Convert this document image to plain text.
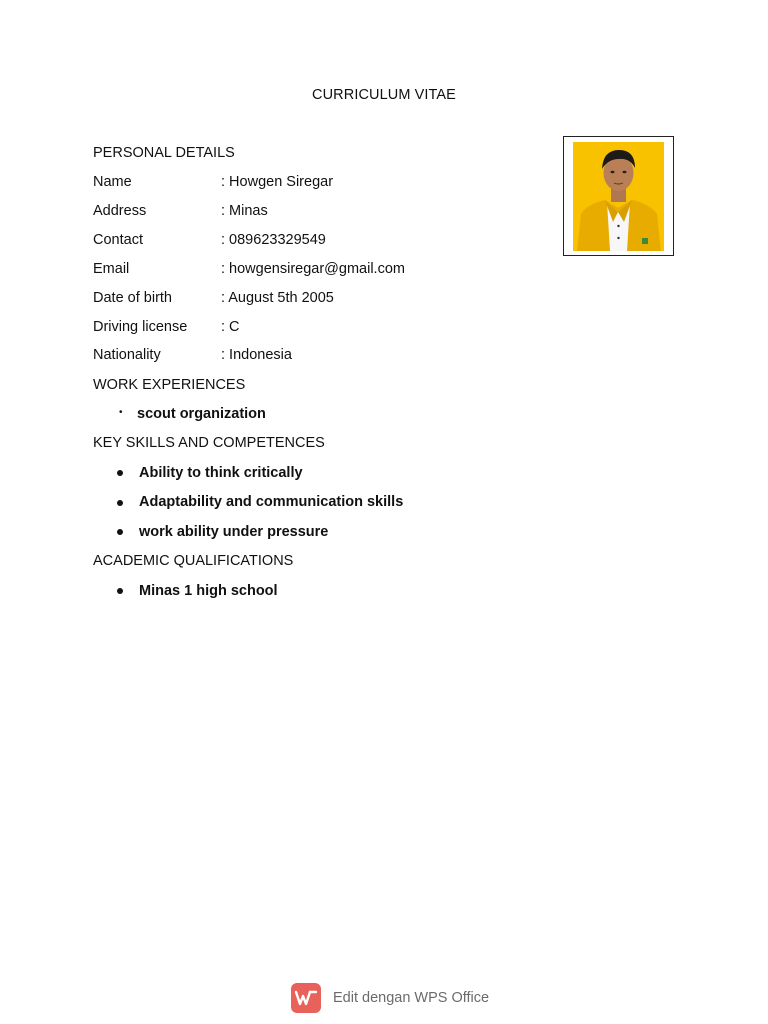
CURRICULUM VITAE
PERSONAL DETAILS
Name	: Howgen Siregar
Address	: Minas
Contact	: 089623329549
Email	: howgensiregar@gmail.com
Date of birth	: August 5th 2005
Driving license	: C
Nationality	: Indonesia
WORK EXPERIENCES
• scout organization
KEY SKILLS AND COMPETENCES
Ability to think critically
Adaptability and communication skills
work ability under pressure
ACADEMIC QUALIFICATIONS
Minas 1 high school
Edit dengan WPS Office
